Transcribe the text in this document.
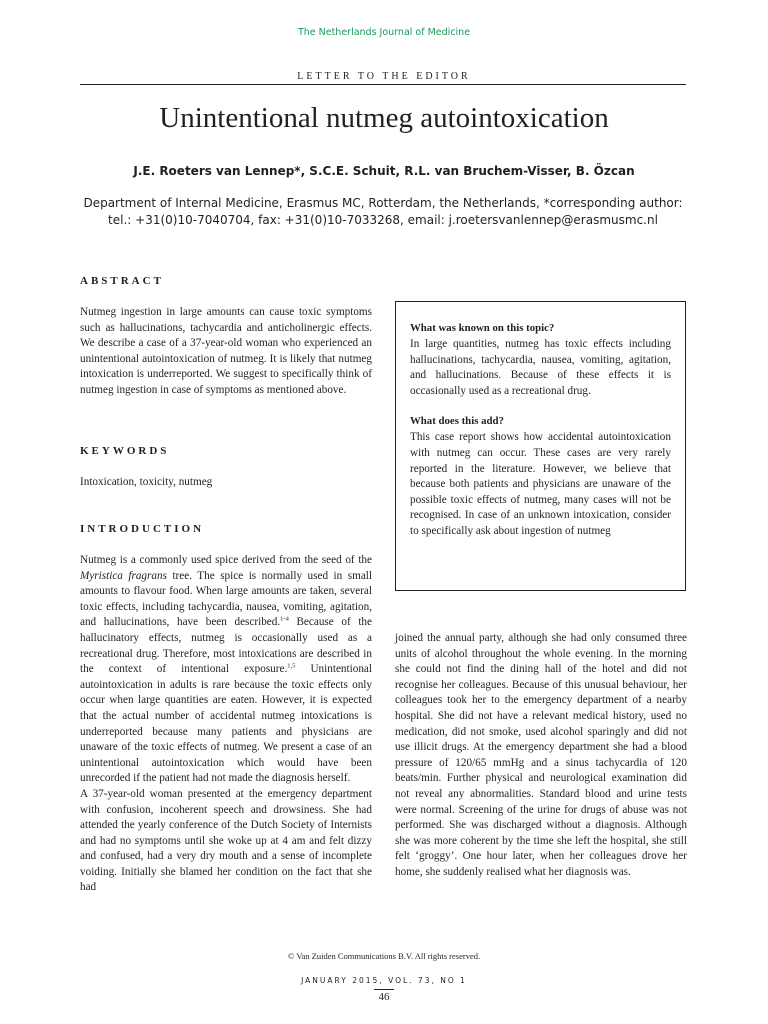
The Netherlands Journal of Medicine
LETTER TO THE EDITOR
Unintentional nutmeg autointoxication
J.E. Roeters van Lennep*, S.C.E. Schuit, R.L. van Bruchem-Visser, B. Özcan
Department of Internal Medicine, Erasmus MC, Rotterdam, the Netherlands, *corresponding author: tel.: +31(0)10-7040704, fax: +31(0)10-7033268, email: j.roetersvanlennep@erasmusmc.nl
ABSTRACT

Nutmeg ingestion in large amounts can cause toxic symptoms such as hallucinations, tachycardia and anticholinergic effects. We describe a case of a 37-year-old woman who experienced an unintentional autointoxication of nutmeg. It is likely that nutmeg intoxication is underreported. We suggest to specifically think of nutmeg ingestion in case of symptoms as mentioned above.

KEYWORDS

Intoxication, toxicity, nutmeg

INTRODUCTION

Nutmeg is a commonly used spice derived from the seed of the Myristica fragrans tree. The spice is normally used in small amounts to flavour food. When large amounts are taken, several toxic effects, including tachycardia, nausea, vomiting, agitation, and hallucinations, have been described.$^{1-4}$ Because of the hallucinatory effects, nutmeg is occasionally used as a recreational drug. Therefore, most intoxications are described in the context of intentional exposure.$^{1,5}$ Unintentional autointoxication in adults is rare because the toxic effects only occur when large quantities are eaten. However, it is expected that the actual number of accidental nutmeg intoxications is underreported because many patients and physicians are unaware of the toxic effects of nutmeg. We present a case of an unintentional autointoxication which would have been unrecorded if the patient had not made the diagnosis herself.

A 37-year-old woman presented at the emergency department with confusion, incoherent speech and drowsiness. She had attended the yearly conference of the Dutch Society of Internists and had no symptoms until she woke up at 4 am and felt dizzy and confused, had a very dry mouth and a sense of incomplete voiding. Initially she blamed her condition on the fact that she had

What was known on this topic?

In large quantities, nutmeg has toxic effects including hallucinations, tachycardia, nausea, vomiting, agitation, and hallucinations. Because of these effects it is occasionally used as a recreational drug.

What does this add?

This case report shows how accidental autointoxication with nutmeg can occur. These cases are very rarely reported in the literature. However, we believe that because both patients and physicians are unaware of the possible toxic effects of nutmeg, many cases will not be recognised. In case of an unknown intoxication, consider to specifically ask about ingestion of nutmeg

joined the annual party, although she had only consumed three units of alcohol throughout the whole evening. In the morning she could not find the dining hall of the hotel and did not recognise her colleagues. Because of this unusual behaviour, her colleagues took her to the emergency department of a nearby hospital. She did not have a relevant medical history, used no medication, did not smoke, used alcohol sparingly and did not use illicit drugs. At the emergency department she had a blood pressure of 120/65 mmHg and a sinus tachycardia of 120 beats/min. Further physical and neurological examination did not reveal any abnormalities. Standard blood and urine tests were normal. Screening of the urine for drugs of abuse was not performed. She was discharged without a diagnosis. Although she was more coherent by the time she left the hospital, she still felt ‘groggy’. One hour later, when her colleagues drove her home, she suddenly realised what her diagnosis was.

© Van Zuiden Communications B.V. All rights reserved.
JANUARY 2015, VOL. 73, NO 1
46
